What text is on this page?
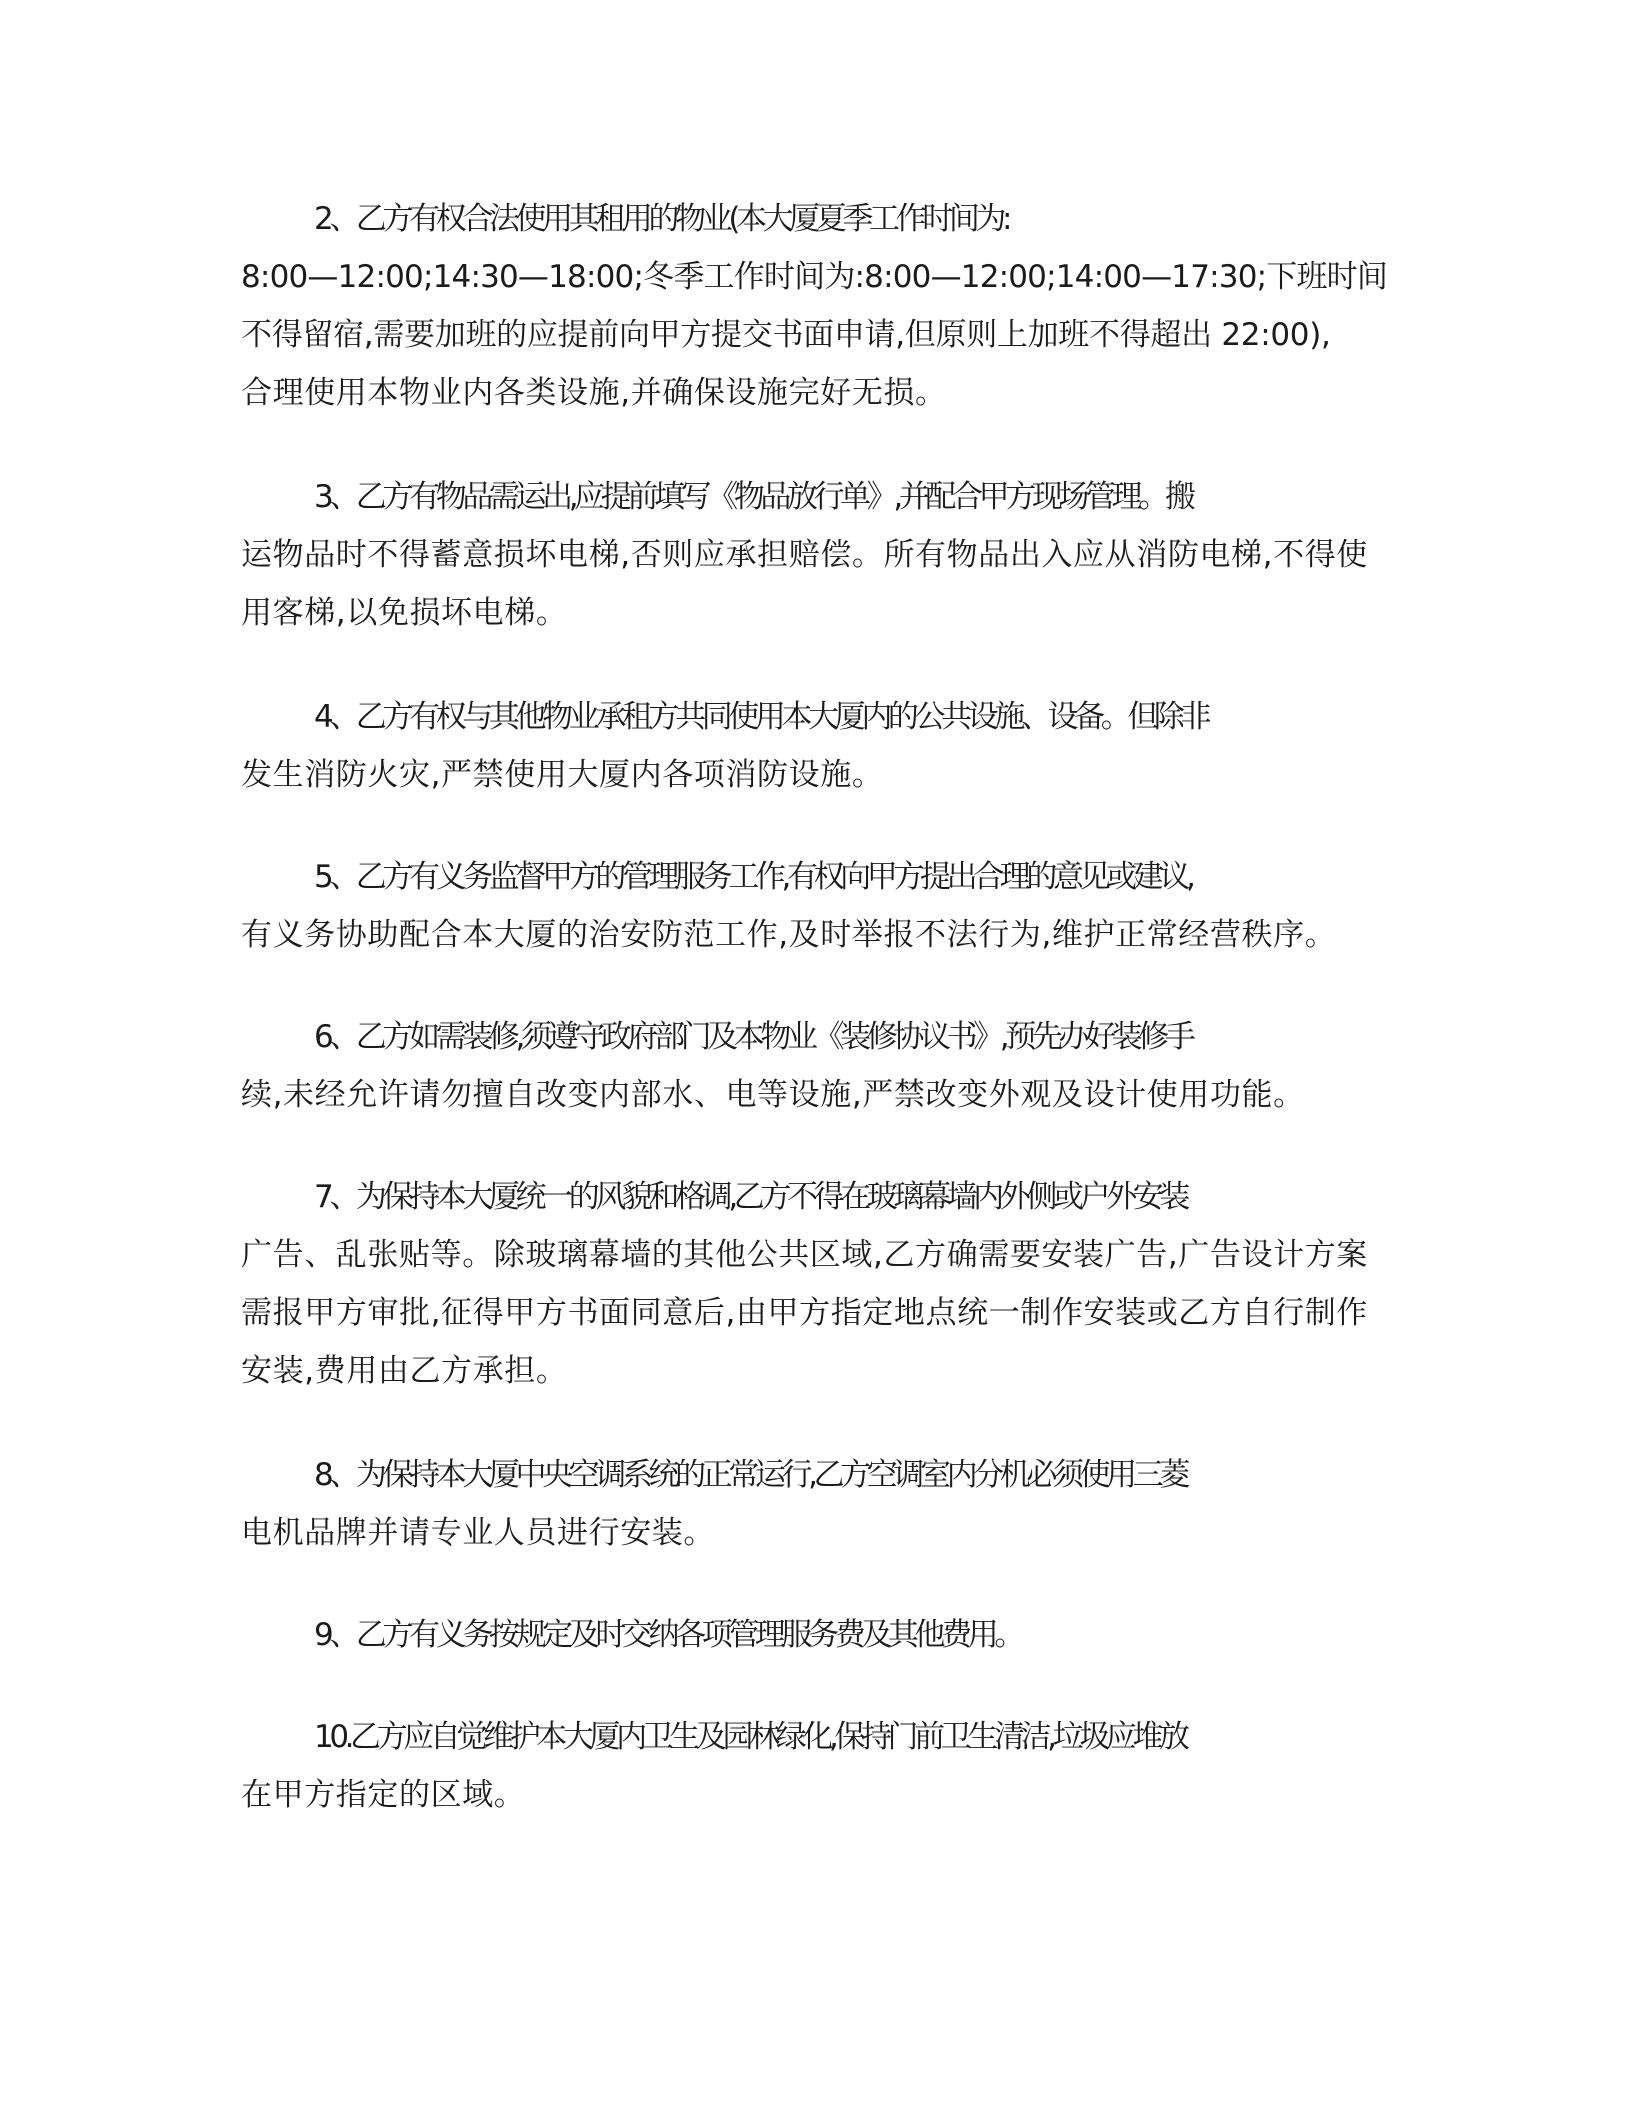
2、乙方有权合法使用其租用的物业(本大厦夏季工作时间为:
8:00—12:00;14:30—18:00;冬季工作时间为:8:00—12:00;14:00—17:30;下班时间
不得留宿,需要加班的应提前向甲方提交书面申请,但原则上加班不得超出 22:00),
合理使用本物业内各类设施,并确保设施完好无损。
3、乙方有物品需运出,应提前填写《物品放行单》,并配合甲方现场管理。搬
运物品时不得蓄意损坏电梯,否则应承担赔偿。所有物品出入应从消防电梯,不得使
用客梯,以免损坏电梯。
4、乙方有权与其他物业承租方共同使用本大厦内的公共设施、设备。但除非
发生消防火灾,严禁使用大厦内各项消防设施。
5、乙方有义务监督甲方的管理服务工作,有权向甲方提出合理的意见或建议,
有义务协助配合本大厦的治安防范工作,及时举报不法行为,维护正常经营秩序。
6、乙方如需装修,须遵守政府部门及本物业《装修协议书》,预先办好装修手
续,未经允许请勿擅自改变内部水、电等设施,严禁改变外观及设计使用功能。
7、为保持本大厦统一的风貌和格调,乙方不得在玻璃幕墙内外侧或户外安装
广告、乱张贴等。除玻璃幕墙的其他公共区域,乙方确需要安装广告,广告设计方案
需报甲方审批,征得甲方书面同意后,由甲方指定地点统一制作安装或乙方自行制作
安装,费用由乙方承担。
8、为保持本大厦中央空调系统的正常运行,乙方空调室内分机必须使用三菱
电机品牌并请专业人员进行安装。
9、乙方有义务按规定及时交纳各项管理服务费及其他费用。
10.乙方应自觉维护本大厦内卫生及园林绿化,保持门前卫生清洁,垃圾应堆放
在甲方指定的区域。
